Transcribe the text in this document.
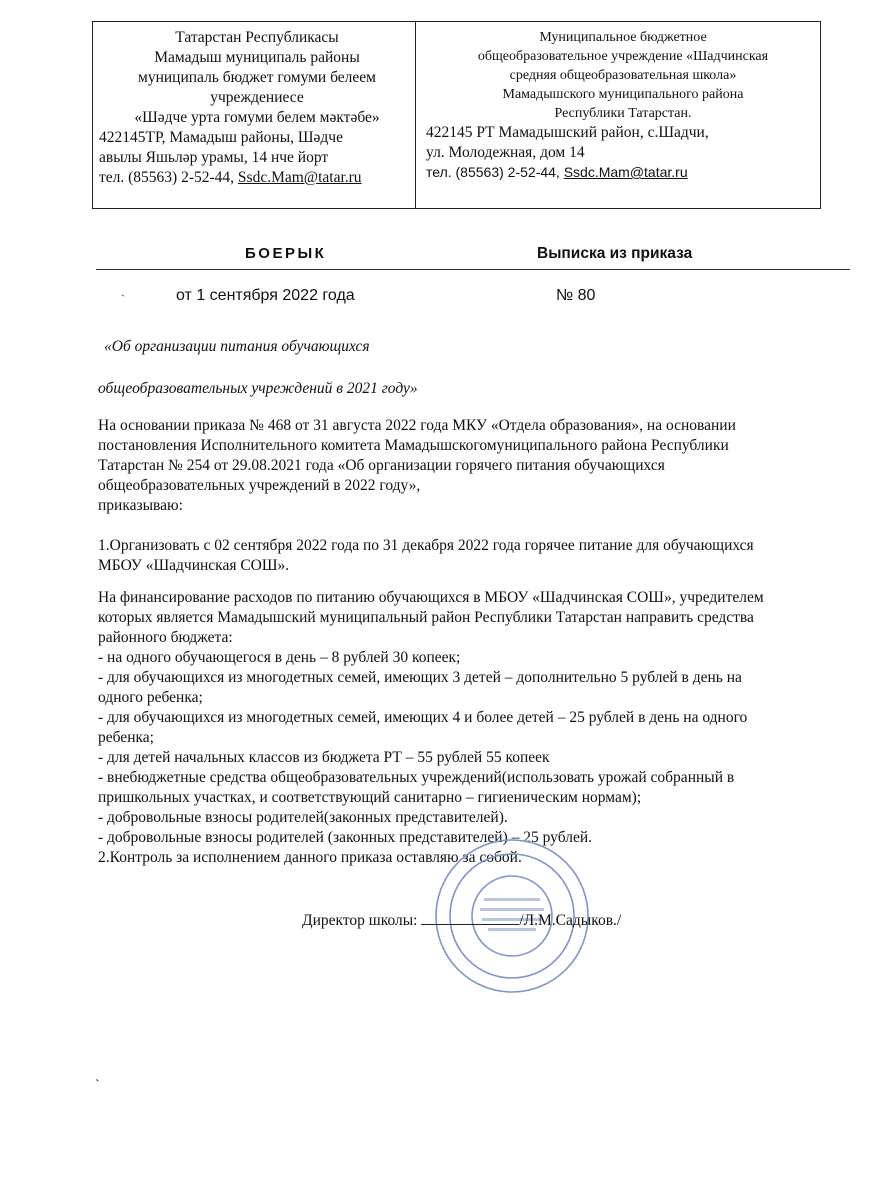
Татарстан Республикасы
Мамадыш муниципаль районы
муниципаль бюджет гомуми белеем
учреждениесе
«Шәдче урта гомуми белем мәктәбе»
422145ТР, Мамадыш районы, Шәдче
авылы Яшьләр урамы, 14 нче йорт
тел. (85563) 2-52-44, Ssdc.Mam@tatar.ru
Муниципальное бюджетное
общеобразовательное учреждение «Шадчинская
средняя общеобразовательная школа»
Мамадышского муниципального района
Республики Татарстан.
422145 РТ Мамадышский район, с.Шадчи,
ул. Молодежная, дом 14
тел. (85563) 2-52-44, Ssdc.Mam@tatar.ru
БОЕРЫК	Выписка из приказа
`	от 1 сентября 2022 года	№ 80
«Об организации питания обучающихся
общеобразовательных учреждений в 2021 году»
На основании приказа № 468 от 31 августа 2022 года МКУ «Отдела образования», на основании
постановления Исполнительного комитета Мамадышскогомуниципального района Республики
Татарстан № 254 от 29.08.2021 года «Об организации горячего питания обучающихся
общеобразовательных учреждений в 2022 году»,
приказываю:
1.Организовать с 02 сентября 2022 года по 31 декабря 2022 года горячее питание для обучающихся
МБОУ «Шадчинская СОШ».
На финансирование расходов по питанию обучающихся в МБОУ «Шадчинская СОШ», учредителем
которых является Мамадышский муниципальный район Республики Татарстан направить средства
районного бюджета:
- на одного обучающегося в день – 8 рублей 30 копеек;
- для обучающихся из многодетных семей, имеющих 3 детей – дополнительно 5 рублей в день на
одного ребенка;
- для обучающихся из многодетных семей, имеющих 4 и более детей – 25 рублей в день на одного
ребенка;
- для детей начальных классов из бюджета РТ – 55 рублей 55 копеек
- внебюджетные средства общеобразовательных учреждений(использовать урожай собранный в
пришкольных участках, и соответствующий санитарно – гигиеническим нормам);
- добровольные взносы родителей(законных представителей).
- добровольные взносы родителей (законных представителей) – 25 рублей.
2.Контроль за исполнением данного приказа оставляю за собой.
Директор школы:	/Л.М.Садыков./
`
